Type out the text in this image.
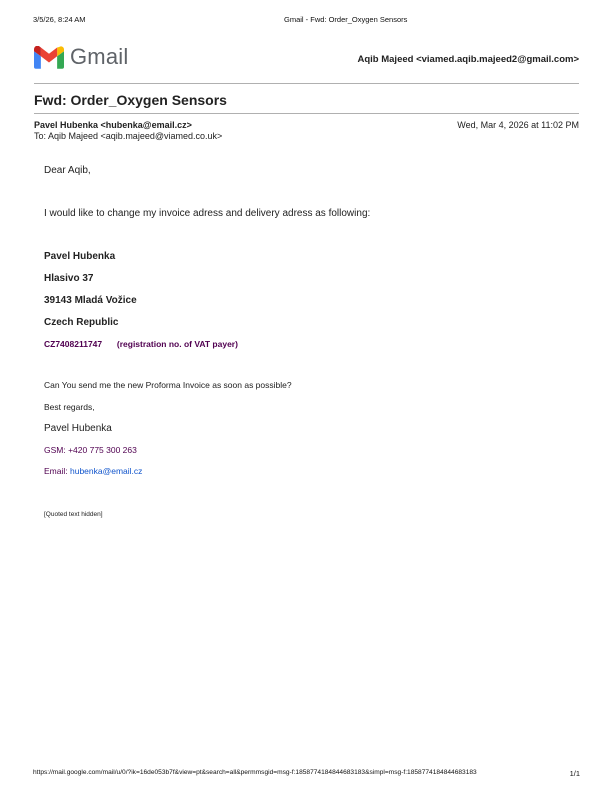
3/5/26, 8:24 AM	Gmail - Fwd: Order_Oxygen Sensors
Gmail	Aqib Majeed <viamed.aqib.majeed2@gmail.com>
Fwd: Order_Oxygen Sensors
Pavel Hubenka <hubenka@email.cz>	Wed, Mar 4, 2026 at 11:02 PM
To: Aqib Majeed <aqib.majeed@viamed.co.uk>
Dear Aqib,
I would like to change my invoice adress and delivery adress as following:
Pavel Hubenka
Hlasivo 37
39143 Mladá Vožice
Czech Republic
CZ7408211747 (registration no. of VAT payer)
Can You send me the new Proforma Invoice as soon as possible?
Best regards,
Pavel Hubenka
GSM: +420 775 300 263
Email: hubenka@email.cz
[Quoted text hidden]
https://mail.google.com/mail/u/0/?ik=16de053b7f&view=pt&search=all&permmsgid=msg-f:1858774184844683183&simpl=msg-f:1858774184844683183	1/1
